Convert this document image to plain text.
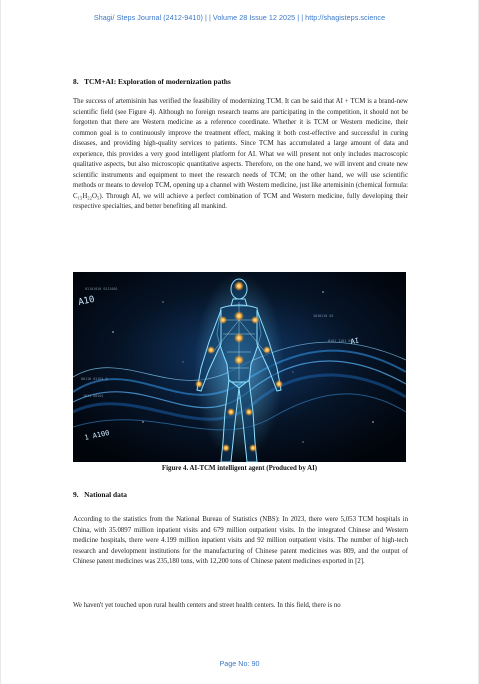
Shagi/ Steps Journal (2412-9410) | | Volume 28 Issue 12 2025 | | http://shagisteps.science
8.   TCM+AI: Exploration of modernization paths

The success of artemisinin has verified the feasibility of modernizing TCM. It can be said that AI + TCM is a brand-new scientific field (see Figure 4). Although no foreign research teams are participating in the competition, it should not be forgotten that there are Western medicine as a reference coordinate. Whether it is TCM or Western medicine, their common goal is to continuously improve the treatment effect, making it both cost-effective and successful in curing diseases, and providing high-quality services to patients. Since TCM has accumulated a large amount of data and experience, this provides a very good intelligent platform for AI. What we will present not only includes macroscopic qualitative aspects, but also microscopic quantitative aspects. Therefore, on the one hand, we will invent and create new scientific instruments and equipment to meet the research needs of TCM; on the other hand, we will use scientific methods or means to develop TCM, opening up a channel with Western medicine, just like artemisinin (chemical formula: C₁₅H₂₂O₅). Through AI, we will achieve a perfect combination of TCM and Western medicine, fully developing their respective specialties, and better benefiting all mankind.

01101010 0111001
00110 01101 0
1010110 01
0101 1101 00
1011 00101
A10
AI
1 A100
Figure 4. AI-TCM intelligent agent (Produced by AI)
9.   National data

According to the statistics from the National Bureau of Statistics (NBS): In 2023, there were 5,053 TCM hospitals in China, with 35.0897 million inpatient visits and 679 million outpatient visits. In the integrated Chinese and Western medicine hospitals, there were 4.199 million inpatient visits and 92 million outpatient visits. The number of high-tech research and development institutions for the manufacturing of Chinese patent medicines was 809, and the output of Chinese patent medicines was 235,180 tons, with 12,200 tons of Chinese patent medicines exported in [2].

We haven't yet touched upon rural health centers and street health centers. In this field, there is no

Page No: 90
